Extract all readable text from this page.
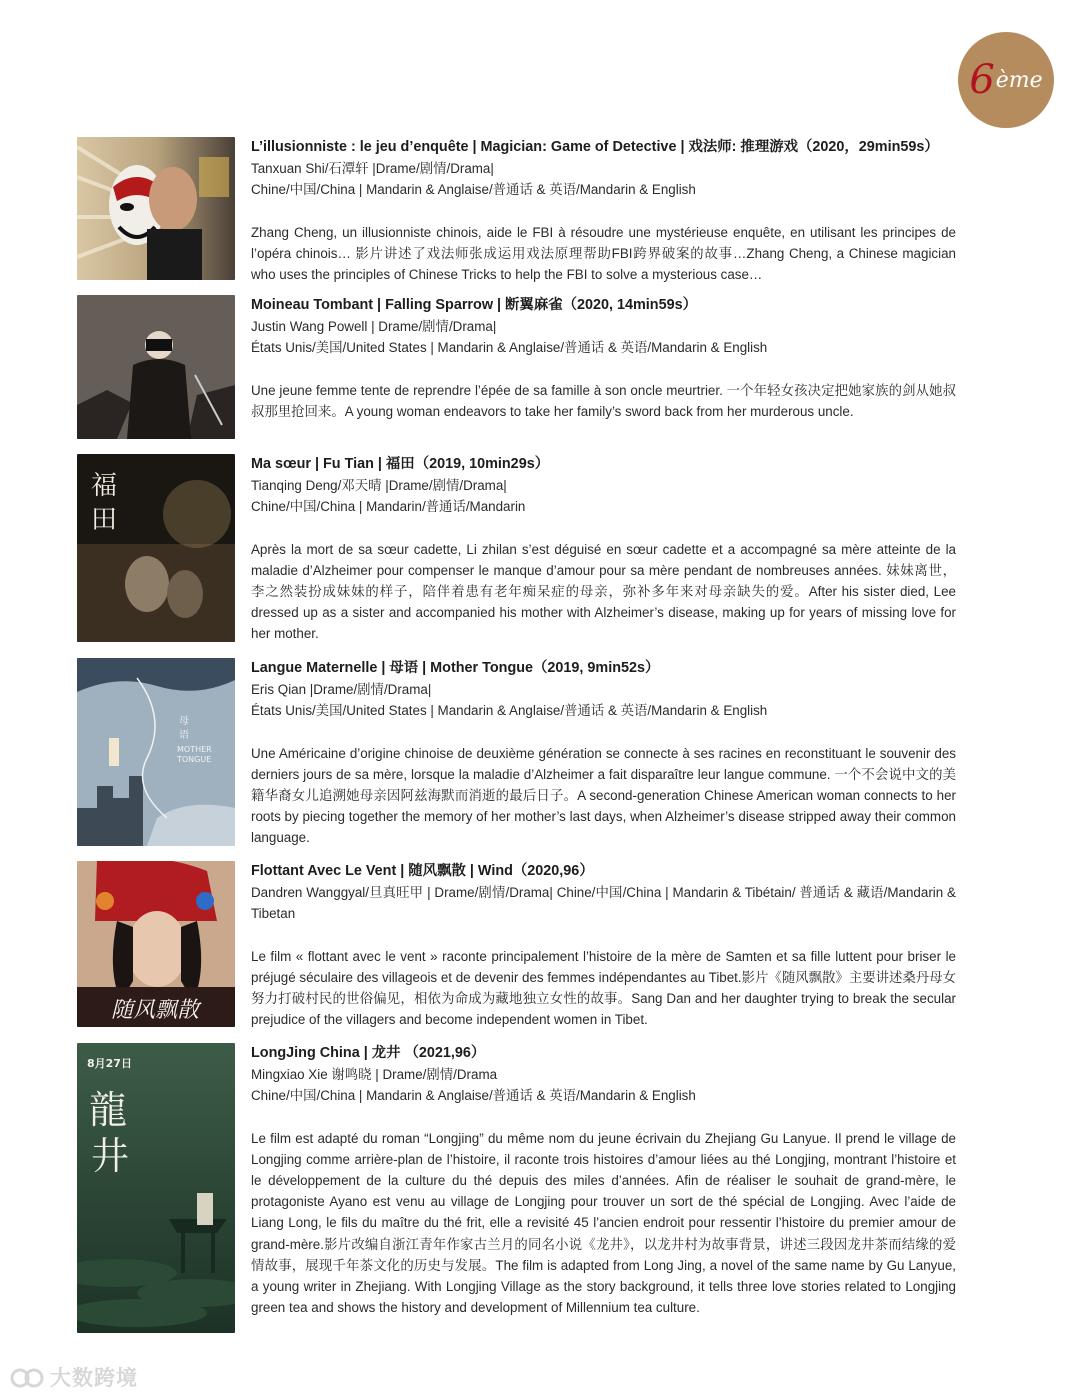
6 ème
L’illusionniste : le jeu d’enquête | Magician: Game of Detective | 戏法师: 推理游戏（2020，29min59s）
Tanxuan Shi/石潭轩 |Drame/剧情/Drama|
Chine/中国/China | Mandarin & Anglaise/普通话 & 英语/Mandarin & English
Zhang Cheng, un illusionniste chinois, aide le FBI à résoudre une mystérieuse enquête, en utilisant les principes de l’opéra chinois… 影片讲述了戏法师张成运用戏法原理帮助FBI跨界破案的故事…Zhang Cheng, a Chinese magician who uses the principles of Chinese Tricks to help the FBI to solve a mysterious case…
Moineau Tombant | Falling Sparrow | 断翼麻雀（2020, 14min59s）
Justin Wang Powell | Drame/剧情/Drama|
États Unis/美国/United States | Mandarin & Anglaise/普通话 & 英语/Mandarin & English
Une jeune femme tente de reprendre l’épée de sa famille à son oncle meurtrier. 一个年轻女孩决定把她家族的剑从她叔叔那里抢回来。A young woman endeavors to take her family’s sword back from her murderous uncle.
福
田
Ma sœur | Fu Tian | 福田（2019, 10min29s）
Tianqing Deng/邓天晴 |Drame/剧情/Drama|
Chine/中国/China | Mandarin/普通话/Mandarin
Après la mort de sa sœur cadette, Li zhilan s’est déguisé en sœur cadette et a accompagné sa mère atteinte de la maladie d’Alzheimer pour compenser le manque d’amour pour sa mère pendant de nombreuses années. 妹妹离世，李之然装扮成妹妹的样子，陪伴着患有老年痴呆症的母亲，弥补多年来对母亲缺失的爱。After his sister died, Lee dressed up as a sister and accompanied his mother with Alzheimer’s disease, making up for years of missing love for her mother.
母
语
MOTHER
TONGUE
Langue Maternelle | 母语 | Mother Tongue（2019, 9min52s）
Eris Qian |Drame/剧情/Drama|
États Unis/美国/United States | Mandarin & Anglaise/普通话 & 英语/Mandarin & English
Une Américaine d’origine chinoise de deuxième génération se connecte à ses racines en reconstituant le souvenir des derniers jours de sa mère, lorsque la maladie d’Alzheimer a fait disparaître leur langue commune. 一个不会说中文的美籍华裔女儿追溯她母亲因阿兹海默而消逝的最后日子。A second-generation Chinese American woman connects to her roots by piecing together the memory of her mother’s last days, when Alzheimer’s disease stripped away their common language.
随风飘散
Flottant Avec Le Vent | 随风飘散 | Wind（2020,96）
Dandren Wanggyal/旦真旺甲 | Drame/剧情/Drama| Chine/中国/China | Mandarin & Tibétain/ 普通话 & 藏语/Mandarin & Tibetan
Le film « flottant avec le vent » raconte principalement l’histoire de la mère de Samten et sa fille luttent pour briser le préjugé séculaire des villageois et de devenir des femmes indépendantes au Tibet.影片《随风飘散》主要讲述桑丹母女努力打破村民的世俗偏见，相依为命成为藏地独立女性的故事。Sang Dan and her daughter trying to break the secular prejudice of the villagers and become independent women in Tibet.
8月27日
龍
井
LongJing China | 龙井 （2021,96）
Mingxiao Xie 谢鸣晓 | Drame/剧情/Drama
Chine/中国/China | Mandarin & Anglaise/普通话 & 英语/Mandarin & English
Le film est adapté du roman “Longjing” du même nom du jeune écrivain du Zhejiang Gu Lanyue. Il prend le village de Longjing comme arrière-plan de l’histoire, il raconte trois histoires d’amour liées au thé Longjing, montrant l’histoire et le développement de la culture du thé depuis des miles d’années. Afin de réaliser le souhait de grand-mère, le protagoniste Ayano est venu au village de Longjing pour trouver un sort de thé spécial de Longjing. Avec l’aide de Liang Long, le fils du maître du thé frit, elle a revisité 45 l’ancien endroit pour ressentir l’histoire du premier amour de grand-mère.影片改编自浙江青年作家古兰月的同名小说《龙井》，以龙井村为故事背景，讲述三段因龙井茶而结缘的爱情故事，展现千年茶文化的历史与发展。The film is adapted from Long Jing, a novel of the same name by Gu Lanyue, a young writer in Zhejiang. With Longjing Village as the story background, it tells three love stories related to Longjing green tea and shows the history and development of Millennium tea culture.
大数跨境
